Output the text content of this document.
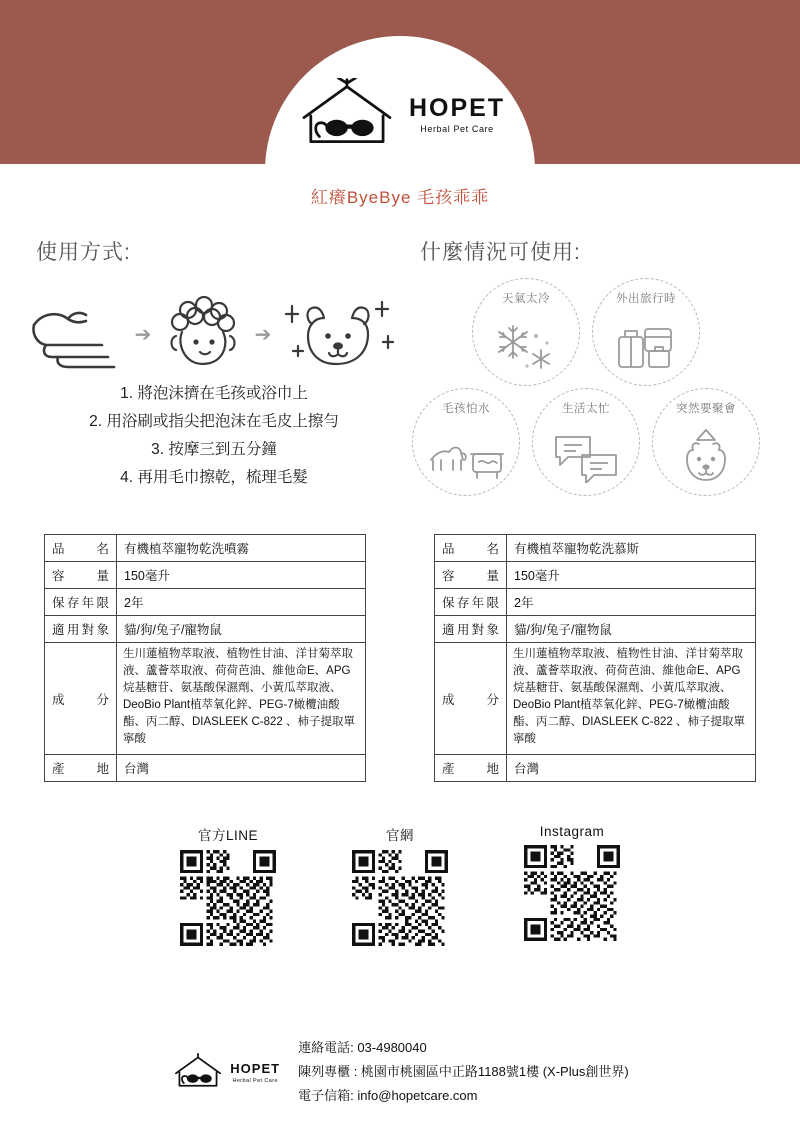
HOPET
Herbal Pet Care
紅癢ByeBye 毛孩乖乖
使用方式:
➔	➔
1. 將泡沫擠在毛孩或浴巾上
2. 用浴刷或指尖把泡沫在毛皮上擦勻
3. 按摩三到五分鐘
4. 再用毛巾擦乾，梳理毛髮
什麼情況可使用:
天氣太冷	外出旅行時
毛孩怕水	生活太忙	突然要聚會
品 名	有機植萃寵物乾洗噴霧
容 量	150毫升
保存年限	2年
適用對象	貓/狗/兔子/寵物鼠
成 分	生川蓮植物萃取液、植物性甘油、洋甘菊萃取液、蘆薈萃取液、荷荷芭油、維他命E、APG 烷基糖苷、氨基酸保濕劑、小黃瓜萃取液、DeoBio Plant植萃氧化鋅、PEG-7橄欖油酸酯、丙二醇、DIASLEEK C-822 、柿子提取單寧酸
產 地	台灣
品 名	有機植萃寵物乾洗慕斯
容 量	150毫升
保存年限	2年
適用對象	貓/狗/兔子/寵物鼠
成 分	生川蓮植物萃取液、植物性甘油、洋甘菊萃取液、蘆薈萃取液、荷荷芭油、維他命E、APG 烷基糖苷、氨基酸保濕劑、小黃瓜萃取液、DeoBio Plant植萃氧化鋅、PEG-7橄欖油酸酯、丙二醇、DIASLEEK C-822 、柿子提取單寧酸
產 地	台灣
官方LINE	官網	Instagram
HOPET
Herbal Pet Care
連絡電話: 03-4980040
陳列專櫃 : 桃園市桃園區中正路1188號1樓 (X-Plus創世界)
電子信箱: info@hopetcare.com
